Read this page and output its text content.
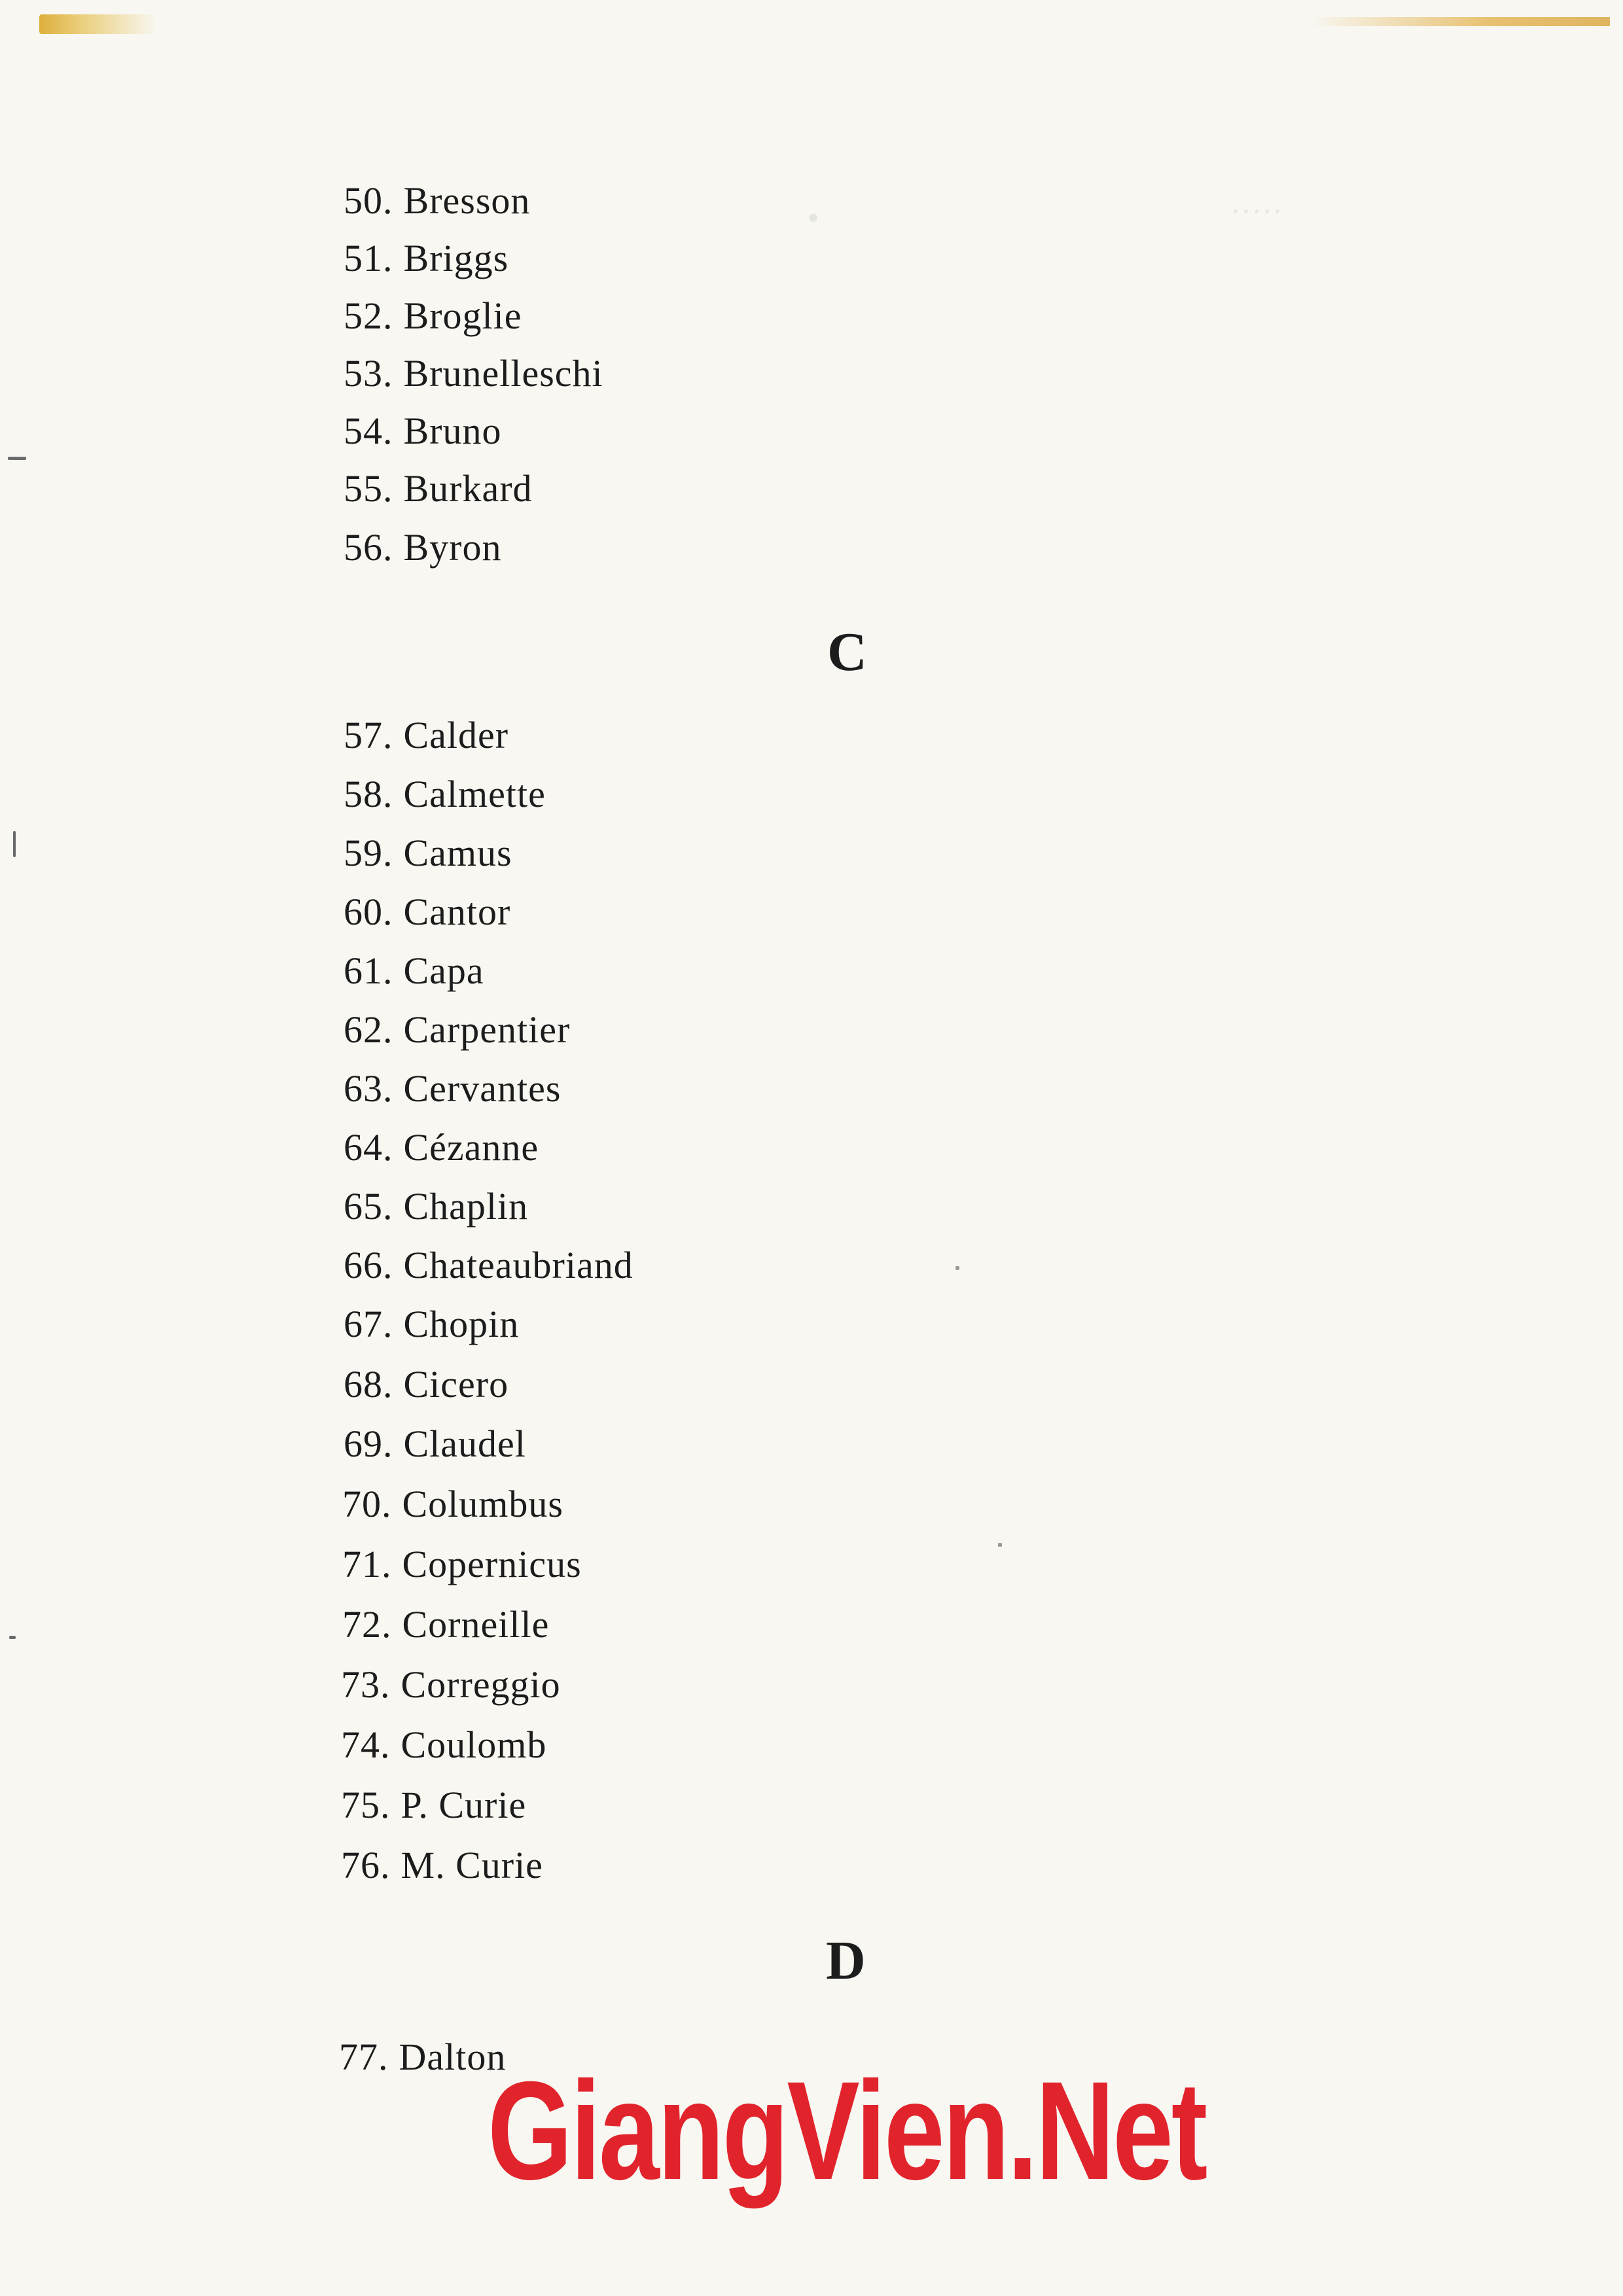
·····
·
50. Bresson
51. Briggs
52. Broglie
53. Brunelleschi
54. Bruno
55. Burkard
56. Byron
C
57. Calder
58. Calmette
59. Camus
60. Cantor
61. Capa
62. Carpentier
63. Cervantes
64. Cézanne
65. Chaplin
66. Chateaubriand
67. Chopin
68. Cicero
69. Claudel
70. Columbus
71. Copernicus
72. Corneille
73. Correggio
74. Coulomb
75. P. Curie
76. M. Curie
D
77. Dalton
GiangVien.Net
